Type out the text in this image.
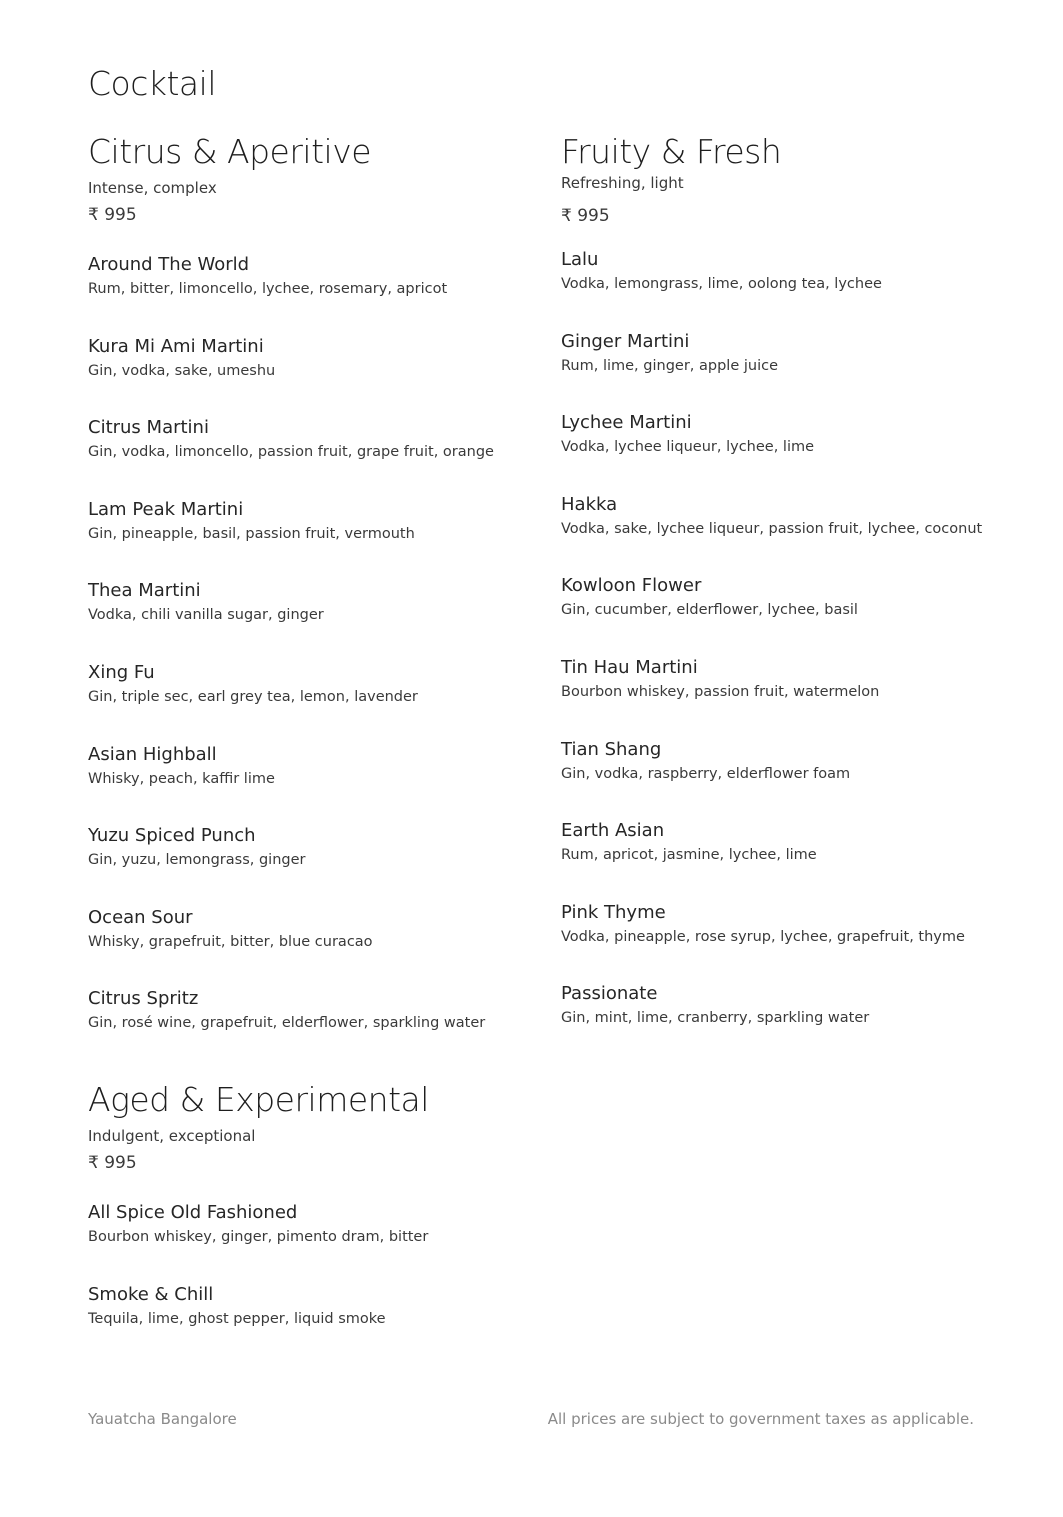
Cocktail
Citrus & Aperitive
Intense, complex
₹ 995
Around The World
Rum, bitter, limoncello, lychee, rosemary, apricot
Kura Mi Ami Martini
Gin, vodka, sake, umeshu
Citrus Martini
Gin, vodka, limoncello, passion fruit, grape fruit, orange
Lam Peak Martini
Gin, pineapple, basil, passion fruit, vermouth
Thea Martini
Vodka, chili vanilla sugar, ginger
Xing Fu
Gin, triple sec, earl grey tea, lemon, lavender
Asian Highball
Whisky, peach, kaffir lime
Yuzu Spiced Punch
Gin, yuzu, lemongrass, ginger
Ocean Sour
Whisky, grapefruit, bitter, blue curacao
Citrus Spritz
Gin, rosé wine, grapefruit, elderflower, sparkling water
Fruity & Fresh
Refreshing, light
₹ 995
Lalu
Vodka, lemongrass, lime, oolong tea, lychee
Ginger Martini
Rum, lime, ginger, apple juice
Lychee Martini
Vodka, lychee liqueur, lychee, lime
Hakka
Vodka, sake, lychee liqueur, passion fruit, lychee, coconut
Kowloon Flower
Gin, cucumber, elderflower, lychee, basil
Tin Hau Martini
Bourbon whiskey, passion fruit, watermelon
Tian Shang
Gin, vodka, raspberry, elderflower foam
Earth Asian
Rum, apricot, jasmine, lychee, lime
Pink Thyme
Vodka, pineapple, rose syrup, lychee, grapefruit, thyme
Passionate
Gin, mint, lime, cranberry, sparkling water
Aged & Experimental
Indulgent, exceptional
₹ 995
All Spice Old Fashioned
Bourbon whiskey, ginger, pimento dram, bitter
Smoke & Chill
Tequila, lime, ghost pepper, liquid smoke
Yauatcha Bangalore	All prices are subject to government taxes as applicable.
